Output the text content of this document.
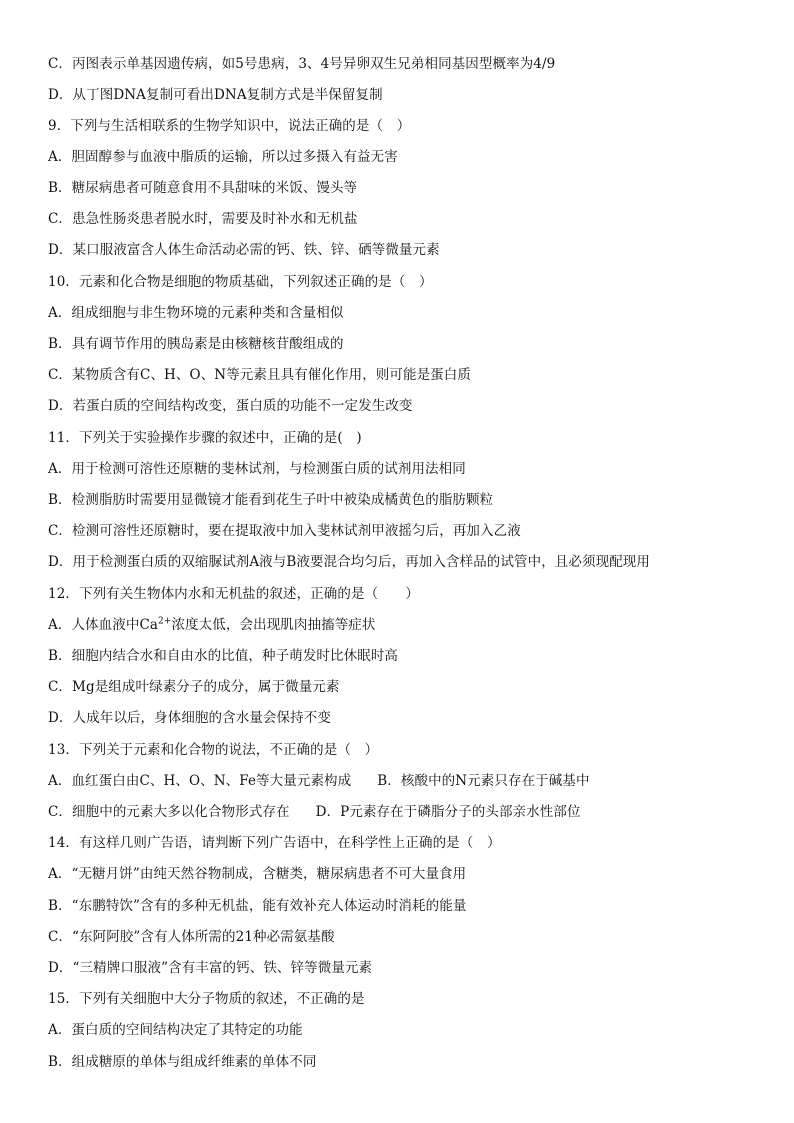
C．丙图表示单基因遗传病，如5号患病，3、4号异卵双生兄弟相同基因型概率为4/9
D．从丁图DNA复制可看出DNA复制方式是半保留复制
9．下列与生活相联系的生物学知识中，说法正确的是（　）
A．胆固醇参与血液中脂质的运输，所以过多摄入有益无害
B．糖尿病患者可随意食用不具甜味的米饭、馒头等
C．患急性肠炎患者脱水时，需要及时补水和无机盐
D．某口服液富含人体生命活动必需的钙、铁、锌、硒等微量元素
10．元素和化合物是细胞的物质基础，下列叙述正确的是（　）
A．组成细胞与非生物环境的元素种类和含量相似
B．具有调节作用的胰岛素是由核糖核苷酸组成的
C．某物质含有C、H、O、N等元素且具有催化作用，则可能是蛋白质
D．若蛋白质的空间结构改变，蛋白质的功能不一定发生改变
11．下列关于实验操作步骤的叙述中，正确的是(　)
A．用于检测可溶性还原糖的斐林试剂，与检测蛋白质的试剂用法相同
B．检测脂肪时需要用显微镜才能看到花生子叶中被染成橘黄色的脂肪颗粒
C．检测可溶性还原糖时，要在提取液中加入斐林试剂甲液摇匀后，再加入乙液
D．用于检测蛋白质的双缩脲试剂A液与B液要混合均匀后，再加入含样品的试管中，且必须现配现用
12．下列有关生物体内水和无机盐的叙述，正确的是（　　）
A．人体血液中$Ca^{2+}$浓度太低，会出现肌肉抽搐等症状
B．细胞内结合水和自由水的比值，种子萌发时比休眠时高
C．Mg是组成叶绿素分子的成分，属于微量元素
D．人成年以后，身体细胞的含水量会保持不变
13．下列关于元素和化合物的说法，不正确的是（　）
A．血红蛋白由C、H、O、N、Fe等大量元素构成 B．核酸中的N元素只存在于碱基中
C．细胞中的元素大多以化合物形式存在 D．P元素存在于磷脂分子的头部亲水性部位
14．有这样几则广告语，请判断下列广告语中，在科学性上正确的是（　）
A．“无糖月饼”由纯天然谷物制成，含糖类，糖尿病患者不可大量食用
B．“东鹏特饮”含有的多种无机盐，能有效补充人体运动时消耗的能量
C．“东阿阿胶”含有人体所需的21种必需氨基酸
D．“三精牌口服液”含有丰富的钙、铁、锌等微量元素
15．下列有关细胞中大分子物质的叙述，不正确的是
A．蛋白质的空间结构决定了其特定的功能
B．组成糖原的单体与组成纤维素的单体不同
